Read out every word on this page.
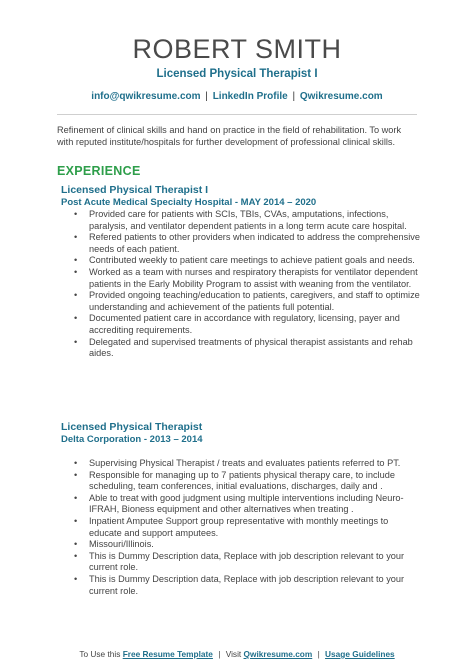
ROBERT SMITH
Licensed Physical Therapist I
info@qwikresume.com | LinkedIn Profile | Qwikresume.com
Refinement of clinical skills and hand on practice in the field of rehabilitation. To work with reputed institute/hospitals for further development of professional clinical skills.
EXPERIENCE
Licensed Physical Therapist I
Post Acute Medical Specialty Hospital - MAY 2014 – 2020
• Provided care for patients with SCIs, TBIs, CVAs, amputations, infections, paralysis, and ventilator dependent patients in a long term acute care hospital.
• Refered patients to other providers when indicated to address the comprehensive needs of each patient.
• Contributed weekly to patient care meetings to achieve patient goals and needs.
• Worked as a team with nurses and respiratory therapists for ventilator dependent patients in the Early Mobility Program to assist with weaning from the ventilator.
• Provided ongoing teaching/education to patients, caregivers, and staff to optimize understanding and achievement of the patients full potential.
• Documented patient care in accordance with regulatory, licensing, payer and accrediting requirements.
• Delegated and supervised treatments of physical therapist assistants and rehab aides.
Licensed Physical Therapist
Delta Corporation - 2013 – 2014
• Supervising Physical Therapist / treats and evaluates patients referred to PT.
• Responsible for managing up to 7 patients physical therapy care, to include scheduling, team conferences, initial evaluations, discharges, daily and .
• Able to treat with good judgment using multiple interventions including Neuro- IFRAH, Bioness equipment and other alternatives when treating .
• Inpatient Amputee Support group representative with monthly meetings to educate and support amputees.
• Missouri/Illinois.
• This is Dummy Description data, Replace with job description relevant to your current role.
• This is Dummy Description data, Replace with job description relevant to your current role.
To Use this Free Resume Template | Visit Qwikresume.com | Usage Guidelines
